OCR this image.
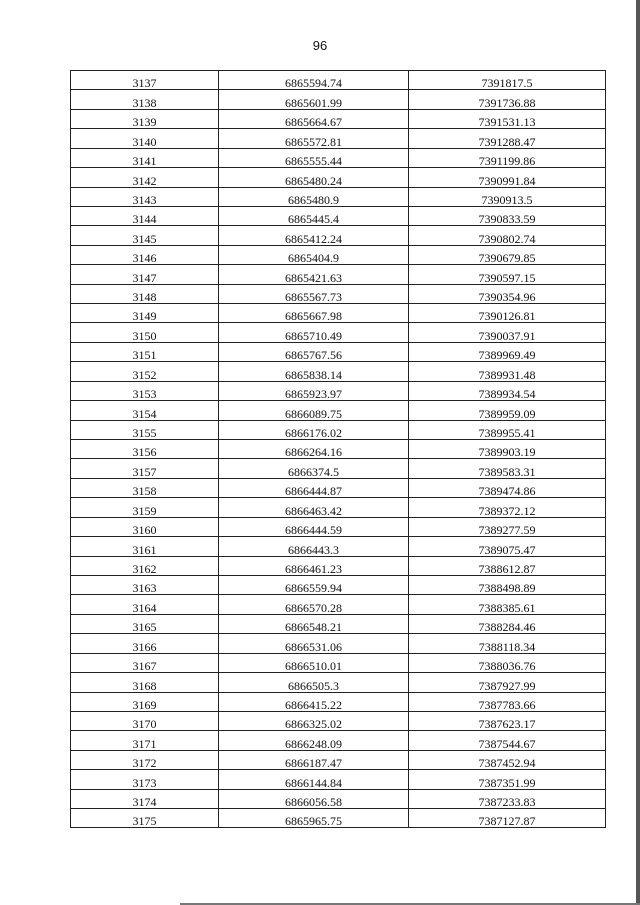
96
3137	6865594.74	7391817.5
3138	6865601.99	7391736.88
3139	6865664.67	7391531.13
3140	6865572.81	7391288.47
3141	6865555.44	7391199.86
3142	6865480.24	7390991.84
3143	6865480.9	7390913.5
3144	6865445.4	7390833.59
3145	6865412.24	7390802.74
3146	6865404.9	7390679.85
3147	6865421.63	7390597.15
3148	6865567.73	7390354.96
3149	6865667.98	7390126.81
3150	6865710.49	7390037.91
3151	6865767.56	7389969.49
3152	6865838.14	7389931.48
3153	6865923.97	7389934.54
3154	6866089.75	7389959.09
3155	6866176.02	7389955.41
3156	6866264.16	7389903.19
3157	6866374.5	7389583.31
3158	6866444.87	7389474.86
3159	6866463.42	7389372.12
3160	6866444.59	7389277.59
3161	6866443.3	7389075.47
3162	6866461.23	7388612.87
3163	6866559.94	7388498.89
3164	6866570.28	7388385.61
3165	6866548.21	7388284.46
3166	6866531.06	7388118.34
3167	6866510.01	7388036.76
3168	6866505.3	7387927.99
3169	6866415.22	7387783.66
3170	6866325.02	7387623.17
3171	6866248.09	7387544.67
3172	6866187.47	7387452.94
3173	6866144.84	7387351.99
3174	6866056.58	7387233.83
3175	6865965.75	7387127.87
